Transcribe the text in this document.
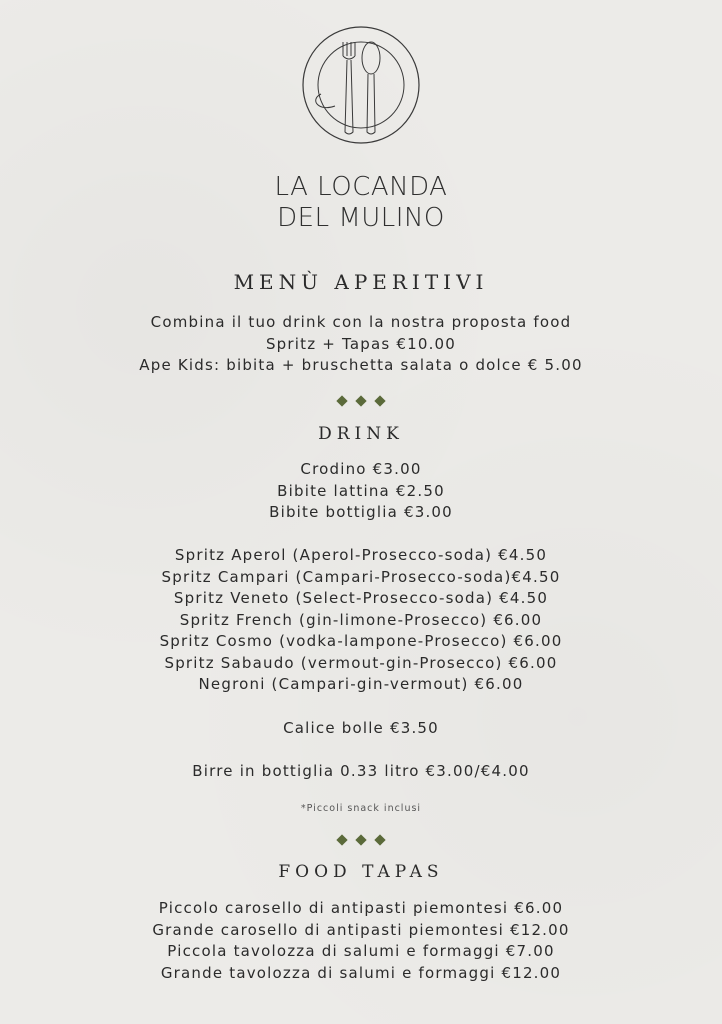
LA LOCANDA
DEL MULINO
MENÙ APERITIVI
Combina il tuo drink con la nostra proposta food
Spritz + Tapas €10.00
Ape Kids: bibita + bruschetta salata o dolce € 5.00

DRINK
Crodino €3.00
Bibite lattina €2.50
Bibite bottiglia €3.00
Spritz Aperol (Aperol-Prosecco-soda) €4.50
Spritz Campari (Campari-Prosecco-soda)€4.50
Spritz Veneto (Select-Prosecco-soda) €4.50
Spritz French (gin-limone-Prosecco) €6.00
Spritz Cosmo (vodka-lampone-Prosecco) €6.00
Spritz Sabaudo (vermout-gin-Prosecco) €6.00
Negroni (Campari-gin-vermout) €6.00
Calice bolle €3.50
Birre in bottiglia 0.33 litro €3.00/€4.00
*Piccoli snack inclusi

FOOD TAPAS
Piccolo carosello di antipasti piemontesi €6.00
Grande carosello di antipasti piemontesi €12.00
Piccola tavolozza di salumi e formaggi €7.00
Grande tavolozza di salumi e formaggi €12.00
